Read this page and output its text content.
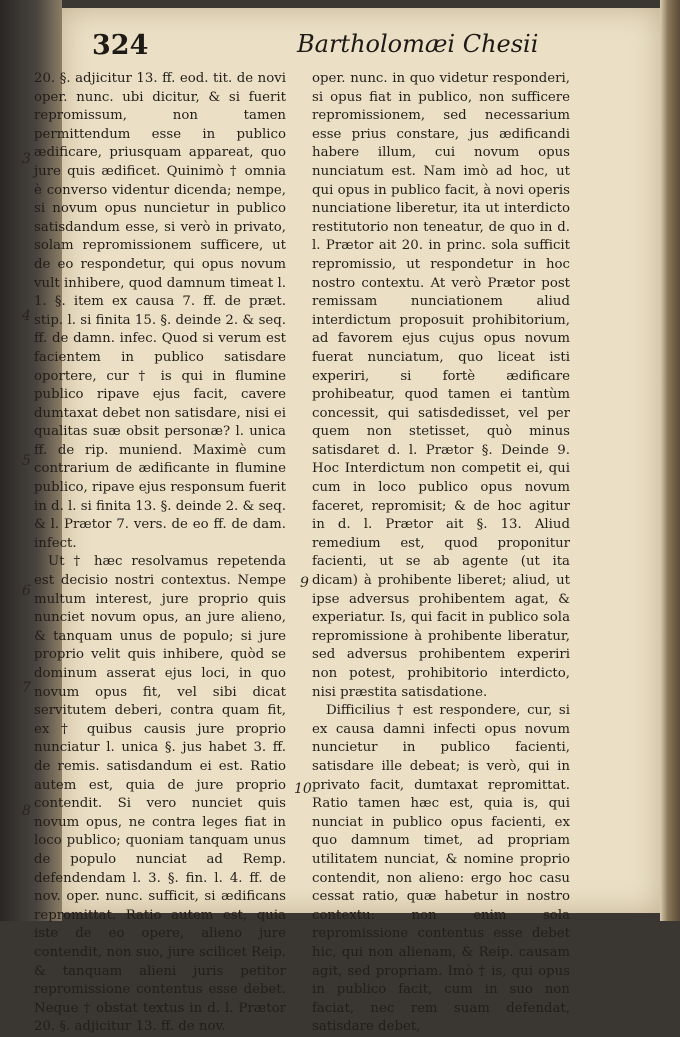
324	Bartholomæi Chesii

20. §. adjicitur 13. ff. eod. tit. de novi oper. nunc. ubi dicitur, & si fuerit repromissum, non tamen permittendum esse in publico ædificare, priusquam appareat, quo jure quis ædificet. Quinimò † omnia è converso videntur dicenda; nempe, si novum opus nuncietur in publico satisdandum esse, si verò in privato, solam repromissionem sufficere, ut de eo respondetur, qui opus novum vult inhibere, quod damnum timeat l. 1. §. item ex causa 7. ff. de præt. stip. l. si finita 15. §. deinde 2. & seq. ff. de damn. infec. Quod si verum est facientem in publico satisdare oportere, cur † is qui in flumine publico ripave ejus facit, cavere dumtaxat debet non satisdare, nisi ei qualitas suæ obsit personæ? l. unica ff. de rip. muniend. Maximè cum contrarium de ædificante in flumine publico, ripave ejus responsum fuerit in d. l. si finita 13. §. deinde 2. & seq. & l. Prætor 7. vers. de eo ff. de dam. infect.

Ut † hæc resolvamus repetenda est decisio nostri contextus. Nempe multum interest, jure proprio quis nunciet novum opus, an jure alieno, & tanquam unus de populo; si jure proprio velit quis inhibere, quòd se dominum asserat ejus loci, in quo novum opus fit, vel sibi dicat servitutem deberi, contra quam fit, ex † quibus causis jure proprio nunciatur l. unica §. jus habet 3. ff. de remis. satisdandum ei est. Ratio autem est, quia de jure proprio contendit. Si vero nunciet quis novum opus, ne contra leges fiat in loco publico; quoniam tanquam unus de populo nunciat ad Remp. defendendam l. 3. §. fin. l. 4. ff. de nov. oper. nunc. sufficit, si ædificans repromittat. Ratio autem est, quia iste de eo opere, alieno jure contendit, non suo, jure scilicet Reip. & tanquam alieni juris petitor repromissione contentus esse debet. Neque † obstat textus in d. l. Prætor 20. §. adjicitur 13. ff. de nov.

oper. nunc. in quo videtur responderi, si opus fiat in publico, non sufficere repromissionem, sed necessarium esse prius constare, jus ædificandi habere illum, cui novum opus nunciatum est. Nam imò ad hoc, ut qui opus in publico facit, à novi operis nunciatione liberetur, ita ut interdicto restitutorio non teneatur, de quo in d. l. Prætor ait 20. in princ. sola sufficit repromissio, ut respondetur in hoc nostro contextu. At verò Prætor post remissam nunciationem aliud interdictum proposuit prohibitorium, ad favorem ejus cujus opus novum fuerat nunciatum, quo liceat isti experiri, si fortè ædificare prohibeatur, quod tamen ei tantùm concessit, qui satisdedisset, vel per quem non stetisset, quò minus satisdaret d. l. Prætor §. Deinde 9. Hoc Interdictum non competit ei, qui cum in loco publico opus novum faceret, repromisit; & de hoc agitur in d. l. Prætor ait §. 13. Aliud remedium est, quod proponitur facienti, ut se ab agente (ut ita dicam) à prohibente liberet; aliud, ut ipse adversus prohibentem agat, & experiatur. Is, qui facit in publico sola repromissione à prohibente liberatur, sed adversus prohibentem experiri non potest, prohibitorio interdicto, nisi præstita satisdatione.

Difficilius † est respondere, cur, si ex causa damni infecti opus novum nuncietur in publico facienti, satisdare ille debeat; is verò, qui in privato facit, dumtaxat repromittat. Ratio tamen hæc est, quia is, qui nunciat in publico opus facienti, ex quo damnum timet, ad propriam utilitatem nunciat, & nomine proprio contendit, non alieno: ergo hoc casu cessat ratio, quæ habetur in nostro contextu: non enim sola repromissione contentus esse debet hic, qui non alienam, & Reip. causam agit, sed propriam. Imò † is, qui opus in publico facit, cum in suo non faciat, nec rem suam defendat, satisdare debet,

3
4
5
6
7
8
9
10
